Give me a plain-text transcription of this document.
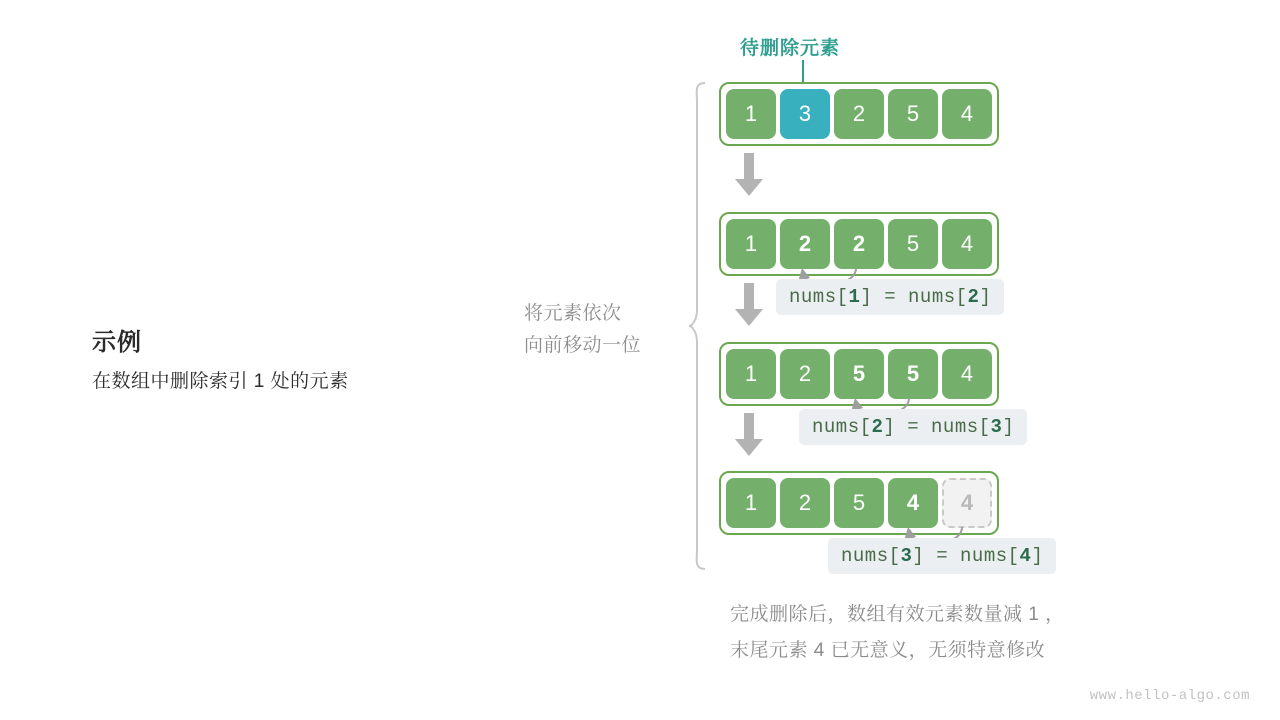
示例
在数组中删除索引 1 处的元素
将元素依次
向前移动一位
待删除元素
1	3	2	5	4
1	2	2	5	4
nums[1] = nums[2]
1	2	5	5	4
nums[2] = nums[3]
1	2	5	4	4
nums[3] = nums[4]
完成删除后，数组有效元素数量减 1 ，
末尾元素 4 已无意义，无须特意修改
www.hello-algo.com
